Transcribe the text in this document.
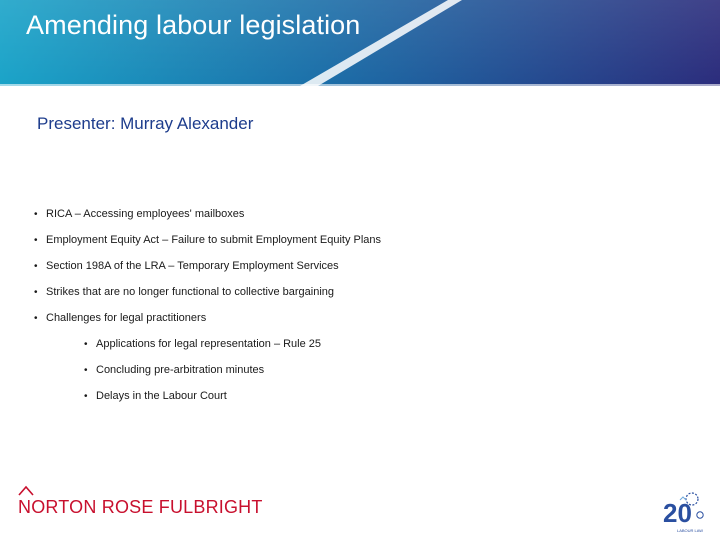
Amending labour legislation
Presenter: Murray Alexander
• RICA – Accessing employees' mailboxes
• Employment Equity Act – Failure to submit Employment Equity Plans
• Section 198A of the LRA – Temporary Employment Services
• Strikes that are no longer functional to collective bargaining
• Challenges for legal practitioners
• Applications for legal representation – Rule 25
• Concluding pre-arbitration minutes
• Delays in the Labour Court
NORTON ROSE FULBRIGHT	20
LABOUR LAW
